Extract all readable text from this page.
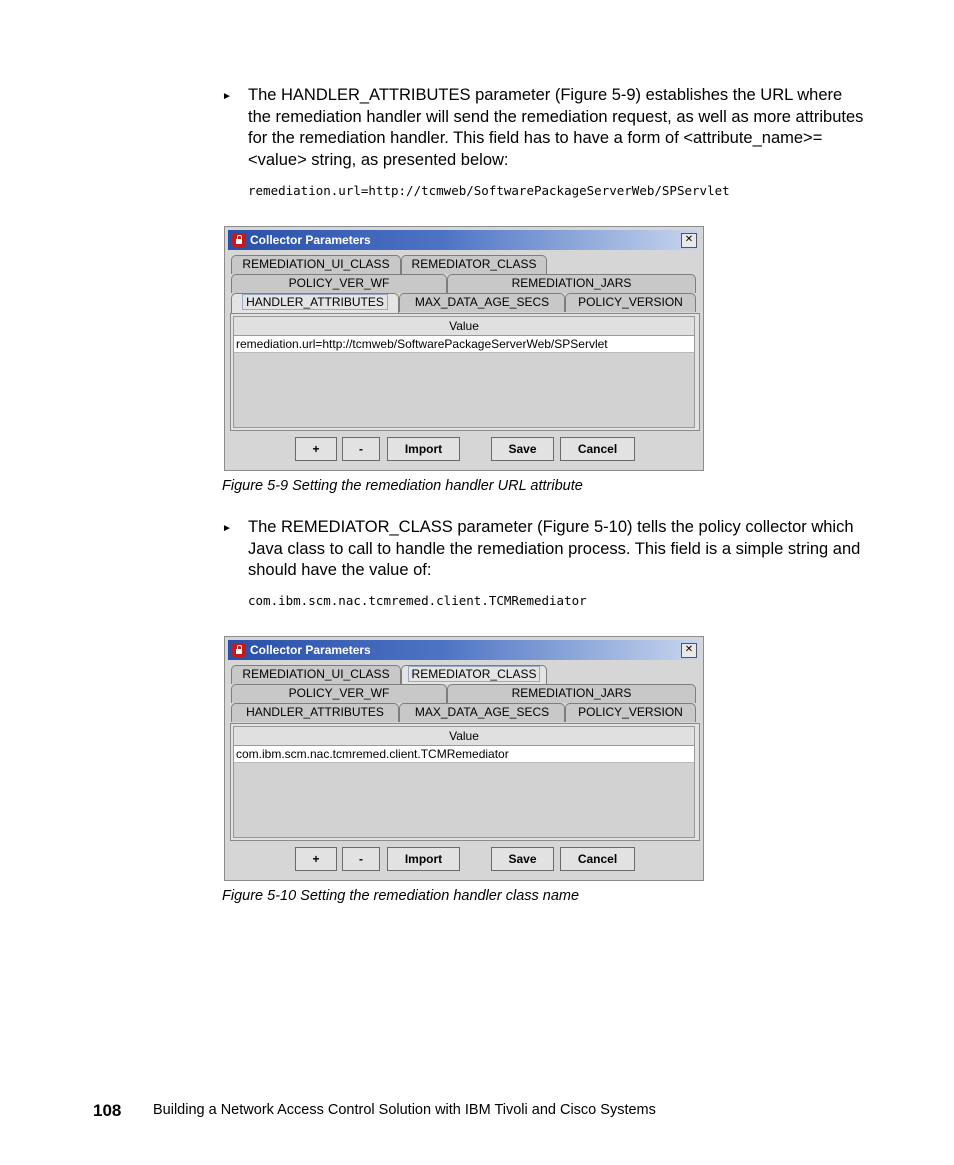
► The HANDLER_ATTRIBUTES parameter (Figure 5-9) establishes the URL where the remediation handler will send the remediation request, as well as more attributes for the remediation handler. This field has to have a form of <attribute_name>=<value> string, as presented below:
remediation.url=http://tcmweb/SoftwarePackageServerWeb/SPServlet
Collector Parameters	✕
REMEDIATION_UI_CLASS	REMEDIATOR_CLASS
POLICY_VER_WF	REMEDIATION_JARS
HANDLER_ATTRIBUTES	MAX_DATA_AGE_SECS	POLICY_VERSION
Value
remediation.url=http://tcmweb/SoftwarePackageServerWeb/SPServlet
+	-	Import	Save	Cancel
Figure 5-9 Setting the remediation handler URL attribute
► The REMEDIATOR_CLASS parameter (Figure 5-10) tells the policy collector which Java class to call to handle the remediation process. This field is a simple string and should have the value of:
com.ibm.scm.nac.tcmremed.client.TCMRemediator
Collector Parameters	✕
REMEDIATION_UI_CLASS	REMEDIATOR_CLASS
POLICY_VER_WF	REMEDIATION_JARS
HANDLER_ATTRIBUTES	MAX_DATA_AGE_SECS	POLICY_VERSION
Value
com.ibm.scm.nac.tcmremed.client.TCMRemediator
+	-	Import	Save	Cancel
Figure 5-10 Setting the remediation handler class name
108 Building a Network Access Control Solution with IBM Tivoli and Cisco Systems
